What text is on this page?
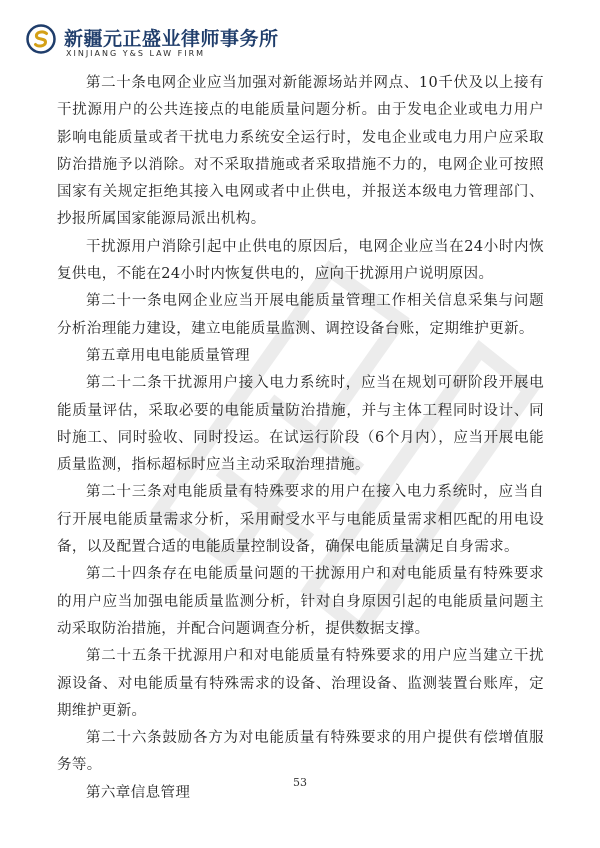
新疆元正盛业律师事务所
XINJIANG Y&S LAW FIRM

第二十条电网企业应当加强对新能源场站并网点、10千伏及以上接有干扰源用户的公共连接点的电能质量问题分析。由于发电企业或电力用户影响电能质量或者干扰电力系统安全运行时，发电企业或电力用户应采取防治措施予以消除。对不采取措施或者采取措施不力的，电网企业可按照国家有关规定拒绝其接入电网或者中止供电，并报送本级电力管理部门、抄报所属国家能源局派出机构。

干扰源用户消除引起中止供电的原因后，电网企业应当在24小时内恢复供电，不能在24小时内恢复供电的，应向干扰源用户说明原因。

第二十一条电网企业应当开展电能质量管理工作相关信息采集与问题分析治理能力建设，建立电能质量监测、调控设备台账，定期维护更新。

第五章用电电能质量管理

第二十二条干扰源用户接入电力系统时，应当在规划可研阶段开展电能质量评估，采取必要的电能质量防治措施，并与主体工程同时设计、同时施工、同时验收、同时投运。在试运行阶段（6个月内），应当开展电能质量监测，指标超标时应当主动采取治理措施。

第二十三条对电能质量有特殊要求的用户在接入电力系统时，应当自行开展电能质量需求分析，采用耐受水平与电能质量需求相匹配的用电设备，以及配置合适的电能质量控制设备，确保电能质量满足自身需求。

第二十四条存在电能质量问题的干扰源用户和对电能质量有特殊要求的用户应当加强电能质量监测分析，针对自身原因引起的电能质量问题主动采取防治措施，并配合问题调查分析，提供数据支撑。

第二十五条干扰源用户和对电能质量有特殊要求的用户应当建立干扰源设备、对电能质量有特殊需求的设备、治理设备、监测装置台账库，定期维护更新。

第二十六条鼓励各方为对电能质量有特殊要求的用户提供有偿增值服务等。

第六章信息管理

53
